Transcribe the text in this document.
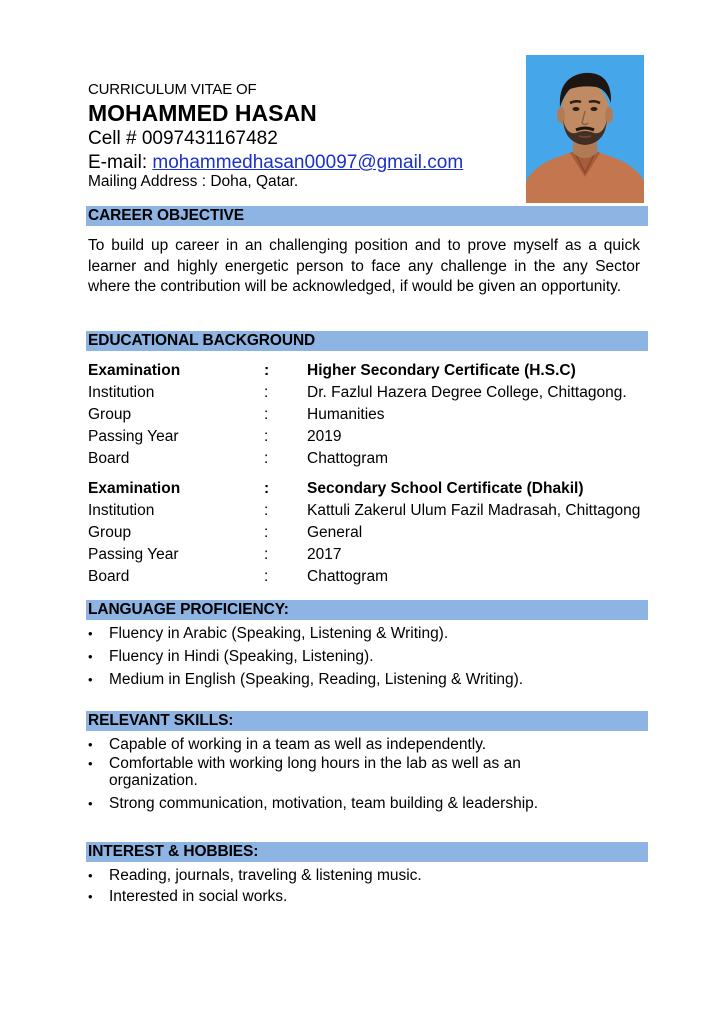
CURRICULUM VITAE OF
MOHAMMED HASAN
Cell # 0097431167482
E-mail: mohammedhasan00097@gmail.com
Mailing Address : Doha, Qatar.
CAREER OBJECTIVE
To build up career in an challenging position and to prove myself as a quick learner and highly energetic person to face any challenge in the any Sector where the contribution will be acknowledged, if would be given an opportunity.
EDUCATIONAL BACKGROUND
Examination	: Higher Secondary Certificate (H.S.C)
Institution	: Dr. Fazlul Hazera Degree College, Chittagong.
Group	: Humanities
Passing Year	: 2019
Board	: Chattogram
Examination	: Secondary School Certificate (Dhakil)
Institution	: Kattuli Zakerul Ulum Fazil Madrasah, Chittagong
Group	: General
Passing Year	: 2017
Board	: Chattogram
LANGUAGE PROFICIENCY:
• Fluency in Arabic (Speaking, Listening & Writing).
• Fluency in Hindi (Speaking, Listening).
• Medium in English (Speaking, Reading, Listening & Writing).
RELEVANT SKILLS:
• Capable of working in a team as well as independently.
• Comfortable with working long hours in the lab as well as an organization.
• Strong communication, motivation, team building & leadership.
INTEREST & HOBBIES:
• Reading, journals, traveling & listening music.
• Interested in social works.
